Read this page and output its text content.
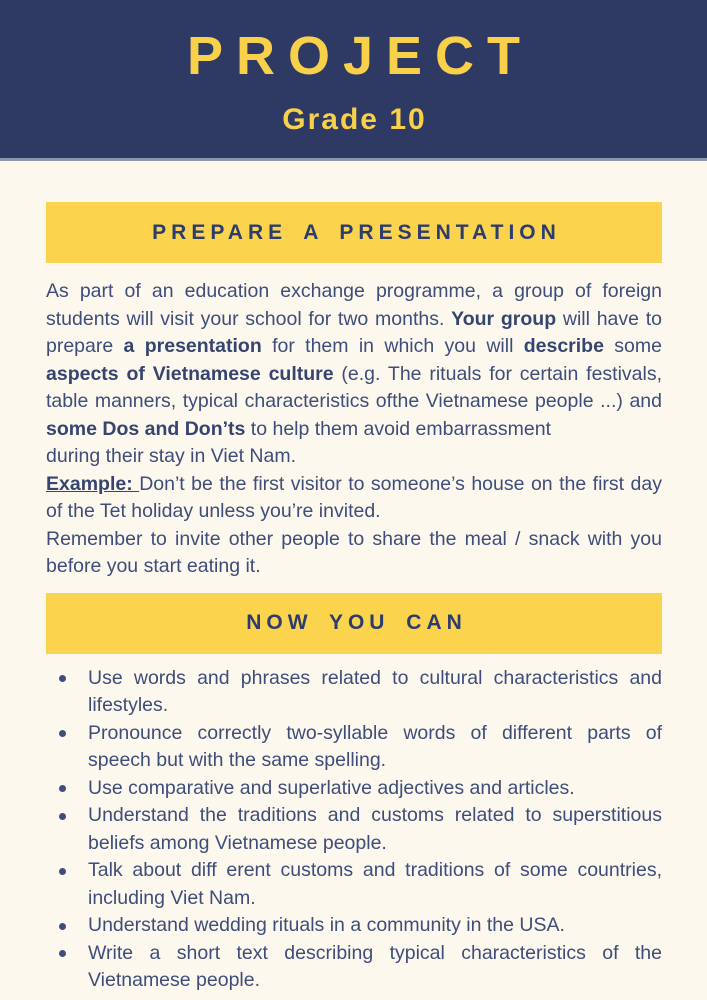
PROJECT
Grade 10
PREPARE A PRESENTATION

As part of an education exchange programme, a group of foreign students will visit your school for two months. Your group will have to prepare a presentation for them in which you will describe some aspects of Vietnamese culture (e.g. The rituals for certain festivals, table manners, typical characteristics ofthe Vietnamese people ...) and some Dos and Don’ts to help them avoid embarrassment
during their stay in Viet Nam.
Example: Don’t be the first visitor to someone’s house on the first day of the Tet holiday unless you’re invited.
Remember to invite other people to share the meal / snack with you before you start eating it.

NOW YOU CAN
Use words and phrases related to cultural characteristics and lifestyles.
Pronounce correctly two-syllable words of different parts of speech but with the same spelling.
Use comparative and superlative adjectives and articles.
Understand the traditions and customs related to superstitious beliefs among Vietnamese people.
Talk about diff erent customs and traditions of some countries, including Viet Nam.
Understand wedding rituals in a community in the USA.
Write a short text describing typical characteristics of the Vietnamese people.
